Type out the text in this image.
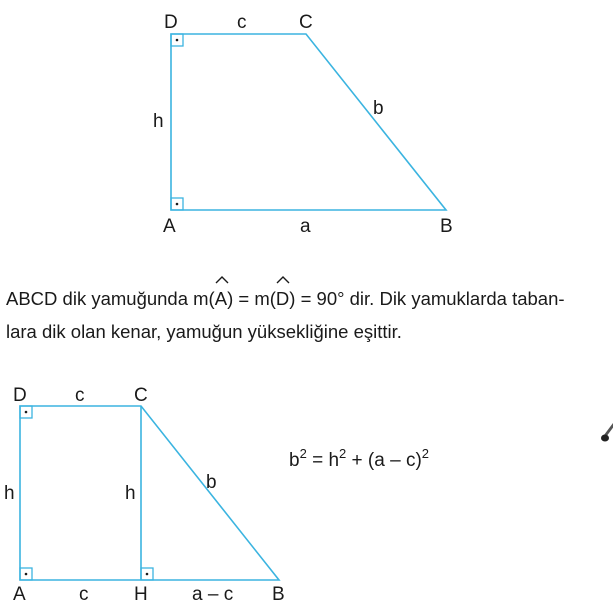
D	c	C
h
b
A	a	B
D	c	C
h	h
b
A	c H a – c B

ABCD dik yamuğunda m(
A) = m(
D) = 90° dir. Dik yamuklarda taban-

lara dik olan kenar, yamuğun yüksekliğine eşittir.

$b^2 = h^2 + (a - c)^2$
